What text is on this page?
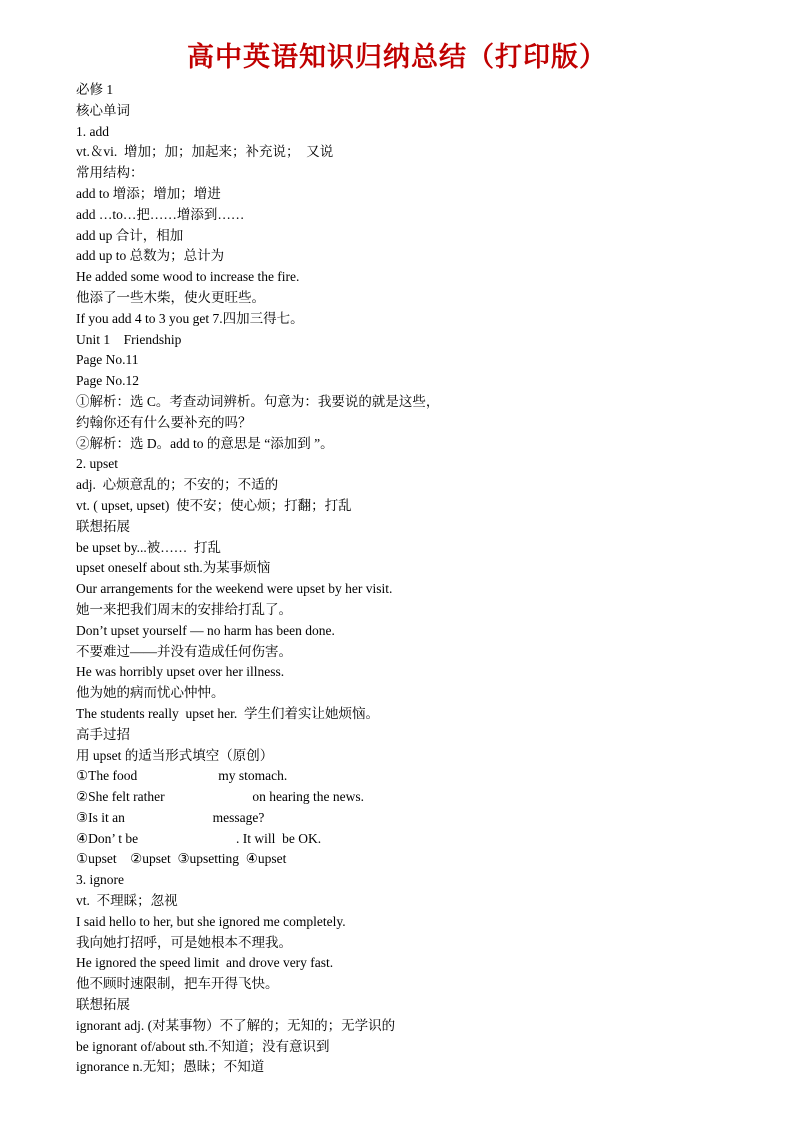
高中英语知识归纳总结（打印版）
必修 1
核心单词
1. add
vt.＆vi.  增加；加；加起来；补充说；  又说
常用结构：
add to 增添；增加；增进
add …to…把……增添到……
add up 合计，相加
add up to 总数为；总计为
He added some wood to increase the fire.
他添了一些木柴，使火更旺些。
If you add 4 to 3 you get 7.四加三得七。
Unit 1    Friendship
Page No.11
Page No.12
①解析：选 C。考查动词辨析。句意为：我要说的就是这些，
约翰你还有什么要补充的吗？
②解析：选 D。add to 的意思是 “添加到 ”。
2. upset
adj.  心烦意乱的；不安的；不适的
vt. ( upset, upset)  使不安；使心烦；打翻；打乱
联想拓展
be upset by...被……  打乱
upset oneself about sth.为某事烦恼
Our arrangements for the weekend were upset by her visit.
她一来把我们周末的安排给打乱了。
Don’t upset yourself — no harm has been done.
不要难过——并没有造成任何伤害。
He was horribly upset over her illness.
他为她的病而忧心忡忡。
The students really  upset her.  学生们着实让她烦恼。
高手过招
用 upset 的适当形式填空（原创）
①The food                        my stomach.
②She felt rather                          on hearing the news.
③Is it an                          message?
④Don’ t be                             . It will  be OK.
①upset    ②upset  ③upsetting  ④upset
3. ignore
vt.  不理睬；忽视
I said hello to her, but she ignored me completely.
我向她打招呼，可是她根本不理我。
He ignored the speed limit  and drove very fast.
他不顾时速限制，把车开得飞快。
联想拓展
ignorant adj. (对某事物）不了解的；无知的；无学识的
be ignorant of/about sth.不知道；没有意识到
ignorance n.无知；愚昧；不知道
